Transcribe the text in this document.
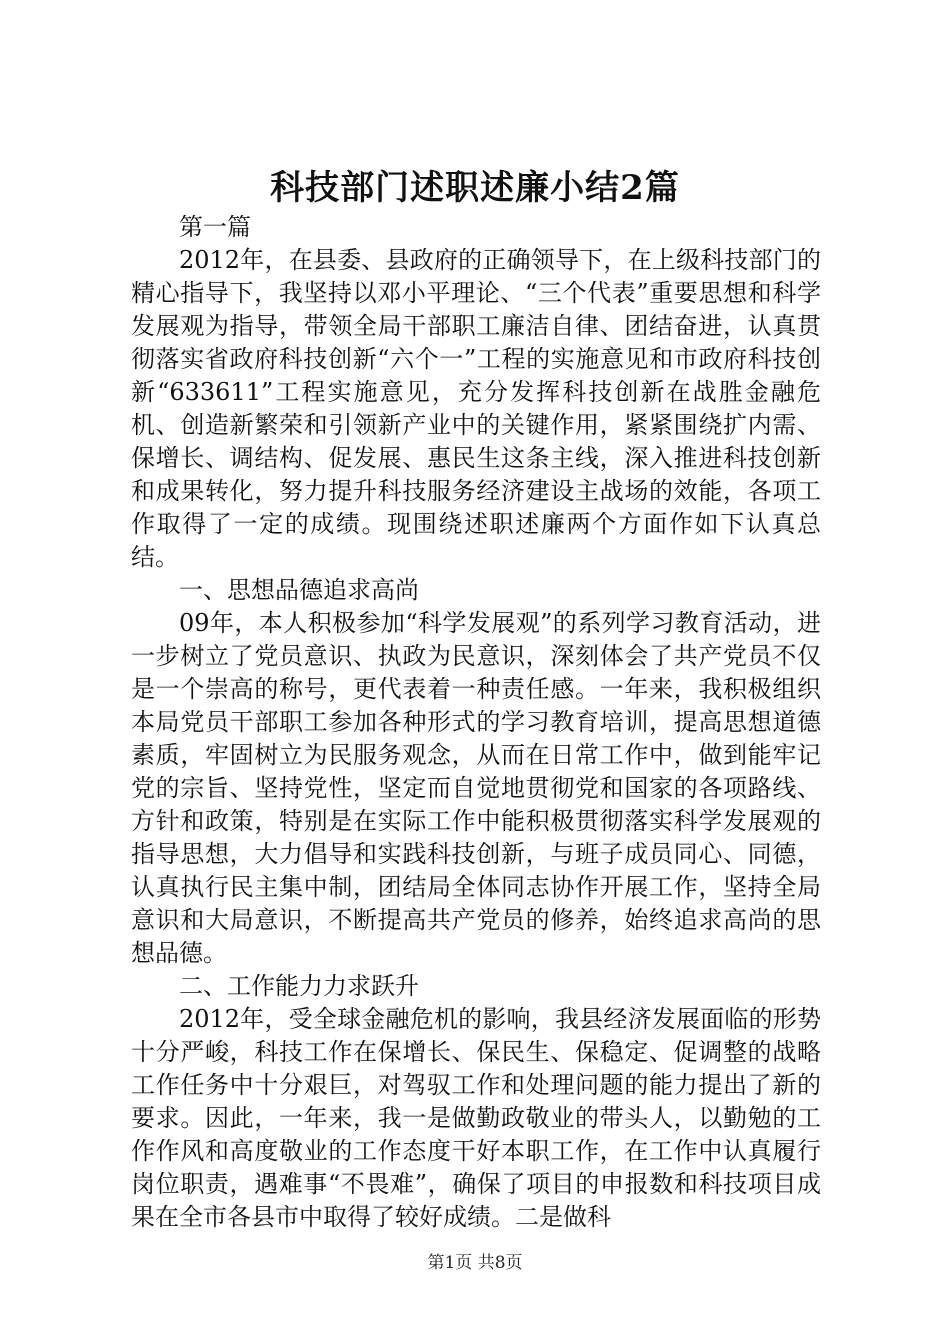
科技部门述职述廉小结2篇

第一篇

2012年，在县委、县政府的正确领导下，在上级科技部门的精心指导下，我坚持以邓小平理论、“三个代表”重要思想和科学发展观为指导，带领全局干部职工廉洁自律、团结奋进，认真贯彻落实省政府科技创新“六个一”工程的实施意见和市政府科技创新“633611”工程实施意见，充分发挥科技创新在战胜金融危机、创造新繁荣和引领新产业中的关键作用，紧紧围绕扩内需、保增长、调结构、促发展、惠民生这条主线，深入推进科技创新和成果转化，努力提升科技服务经济建设主战场的效能，各项工作取得了一定的成绩。现围绕述职述廉两个方面作如下认真总结。

一、思想品德追求高尚

09年，本人积极参加“科学发展观”的系列学习教育活动，进一步树立了党员意识、执政为民意识，深刻体会了共产党员不仅是一个崇高的称号，更代表着一种责任感。一年来，我积极组织本局党员干部职工参加各种形式的学习教育培训，提高思想道德素质，牢固树立为民服务观念，从而在日常工作中，做到能牢记党的宗旨、坚持党性，坚定而自觉地贯彻党和国家的各项路线、方针和政策，特别是在实际工作中能积极贯彻落实科学发展观的指导思想，大力倡导和实践科技创新，与班子成员同心、同德，认真执行民主集中制，团结局全体同志协作开展工作，坚持全局意识和大局意识，不断提高共产党员的修养，始终追求高尚的思想品德。

二、工作能力力求跃升

2012年，受全球金融危机的影响，我县经济发展面临的形势十分严峻，科技工作在保增长、保民生、保稳定、促调整的战略工作任务中十分艰巨，对驾驭工作和处理问题的能力提出了新的要求。因此，一年来，我一是做勤政敬业的带头人，以勤勉的工作作风和高度敬业的工作态度干好本职工作，在工作中认真履行岗位职责，遇难事“不畏难”，确保了项目的申报数和科技项目成果在全市各县市中取得了较好成绩。二是做科

第1页 共8页
